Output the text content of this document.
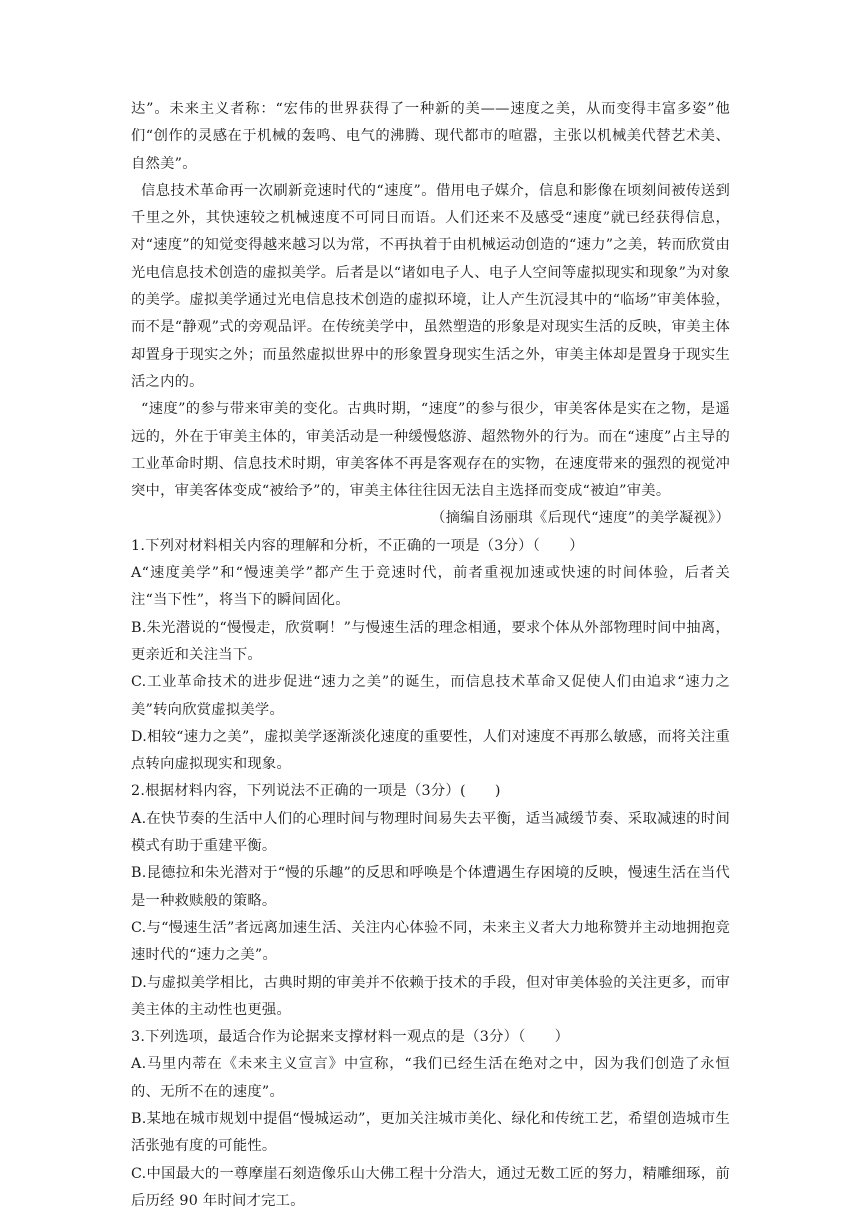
达”。未来主义者称：“宏伟的世界获得了一种新的美——速度之美，从而变得丰富多姿”他们“创作的灵感在于机械的轰鸣、电气的沸腾、现代都市的喧嚣，主张以机械美代替艺术美、自然美”。

信息技术革命再一次刷新竞速时代的“速度”。借用电子媒介，信息和影像在顷刻间被传送到千里之外，其快速较之机械速度不可同日而语。人们还来不及感受“速度”就已经获得信息，对“速度”的知觉变得越来越习以为常，不再执着于由机械运动创造的“速力”之美，转而欣赏由光电信息技术创造的虚拟美学。后者是以“诸如电子人、电子人空间等虚拟现实和现象”为对象的美学。虚拟美学通过光电信息技术创造的虚拟环境，让人产生沉浸其中的“临场”审美体验，而不是“静观”式的旁观品评。在传统美学中，虽然塑造的形象是对现实生活的反映，审美主体却置身于现实之外；而虽然虚拟世界中的形象置身现实生活之外，审美主体却是置身于现实生活之内的。

“速度”的参与带来审美的变化。古典时期，“速度”的参与很少，审美客体是实在之物，是遥远的，外在于审美主体的，审美活动是一种缓慢悠游、超然物外的行为。而在“速度”占主导的工业革命时期、信息技术时期，审美客体不再是客观存在的实物，在速度带来的强烈的视觉冲突中，审美客体变成“被给予”的，审美主体往往因无法自主选择而变成“被迫”审美。

（摘编自汤丽琪《后现代“速度”的美学凝视》）

1.下列对材料相关内容的理解和分析，不正确的一项是（3分）（　　）

A“速度美学”和“慢速美学”都产生于竞速时代，前者重视加速或快速的时间体验，后者关注“当下性”，将当下的瞬间固化。

B.朱光潜说的“慢慢走，欣赏啊！”与慢速生活的理念相通，要求个体从外部物理时间中抽离，更亲近和关注当下。

C.工业革命技术的进步促进“速力之美”的诞生，而信息技术革命又促使人们由追求“速力之美”转向欣赏虚拟美学。

D.相较“速力之美”，虚拟美学逐渐淡化速度的重要性，人们对速度不再那么敏感，而将关注重点转向虚拟现实和现象。

2.根据材料内容，下列说法不正确的一项是（3分）(　　)

A.在快节奏的生活中人们的心理时间与物理时间易失去平衡，适当减缓节奏、采取减速的时间模式有助于重建平衡。

B.昆德拉和朱光潜对于“慢的乐趣”的反思和呼唤是个体遭遇生存困境的反映，慢速生活在当代是一种救赎般的策略。

C.与“慢速生活”者远离加速生活、关注内心体验不同，未来主义者大力地称赞并主动地拥抱竞速时代的“速力之美”。

D.与虚拟美学相比，古典时期的审美并不依赖于技术的手段，但对审美体验的关注更多，而审美主体的主动性也更强。

3.下列选项，最适合作为论据来支撑材料一观点的是（3分）（　　）

A.马里内蒂在《未来主义宣言》中宣称，“我们已经生活在绝对之中，因为我们创造了永恒的、无所不在的速度”。

B.某地在城市规划中提倡“慢城运动”，更加关注城市美化、绿化和传统工艺，希望创造城市生活张弛有度的可能性。

C.中国最大的一尊摩崖石刻造像乐山大佛工程十分浩大，通过无数工匠的努力，精雕细琢，前后历经 90 年时间才完工。
